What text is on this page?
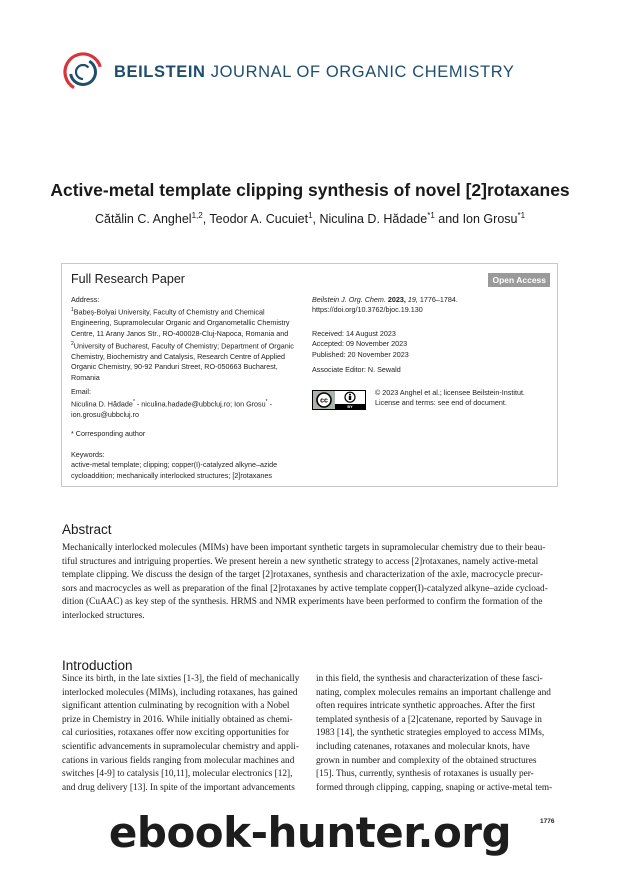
BEILSTEIN JOURNAL OF ORGANIC CHEMISTRY
Active-metal template clipping synthesis of novel [2]rotaxanes
Cătălin C. Anghel$^{1,2}$, Teodor A. Cucuiet$^1$, Niculina D. Hădade$^{*1}$ and Ion Grosu$^{*1}$
Full Research Paper	Open Access
Address:
$^1$Babeș-Bolyai University, Faculty of Chemistry and Chemical
Engineering, Supramolecular Organic and Organometallic Chemistry
Centre, 11 Arany Janos Str., RO-400028-Cluj-Napoca, Romania and
$^2$University of Bucharest, Faculty of Chemistry; Department of Organic
Chemistry, Biochemistry and Catalysis, Research Centre of Applied
Organic Chemistry, 90-92 Panduri Street, RO-050663 Bucharest,
Romania
Email:
Niculina D. Hădade* - niculina.hadade@ubbcluj.ro; Ion Grosu* -
ion.grosu@ubbcluj.ro
* Corresponding author
Keywords:
active-metal template; clipping; copper(I)-catalyzed alkyne–azide
cycloaddition; mechanically interlocked structures; [2]rotaxanes
Beilstein J. Org. Chem. 2023, 19, 1776–1784.
https://doi.org/10.3762/bjoc.19.130
Received: 14 August 2023
Accepted: 09 November 2023
Published: 20 November 2023
Associate Editor: N. Sewald
cc
BY
© 2023 Anghel et al.; licensee Beilstein-Institut.
License and terms: see end of document.
Abstract
Mechanically interlocked molecules (MIMs) have been important synthetic targets in supramolecular chemistry due to their beau-
tiful structures and intriguing properties. We present herein a new synthetic strategy to access [2]rotaxanes, namely active-metal
template clipping. We discuss the design of the target [2]rotaxanes, synthesis and characterization of the axle, macrocycle precur-
sors and macrocycles as well as preparation of the final [2]rotaxanes by active template copper(I)-catalyzed alkyne–azide cycload-
dition (CuAAC) as key step of the synthesis. HRMS and NMR experiments have been performed to confirm the formation of the
interlocked structures.
Introduction
Since its birth, in the late sixties [1-3], the field of mechanically
interlocked molecules (MIMs), including rotaxanes, has gained
significant attention culminating by recognition with a Nobel
prize in Chemistry in 2016. While initially obtained as chemi-
cal curiosities, rotaxanes offer now exciting opportunities for
scientific advancements in supramolecular chemistry and appli-
cations in various fields ranging from molecular machines and
switches [4-9] to catalysis [10,11], molecular electronics [12],
and drug delivery [13]. In spite of the important advancements
in this field, the synthesis and characterization of these fasci-
nating, complex molecules remains an important challenge and
often requires intricate synthetic approaches. After the first
templated synthesis of a [2]catenane, reported by Sauvage in
1983 [14], the synthetic strategies employed to access MIMs,
including catenanes, rotaxanes and molecular knots, have
grown in number and complexity of the obtained structures
[15]. Thus, currently, synthesis of rotaxanes is usually per-
formed through clipping, capping, snaping or active-metal tem-
1776
ebook-hunter.org
